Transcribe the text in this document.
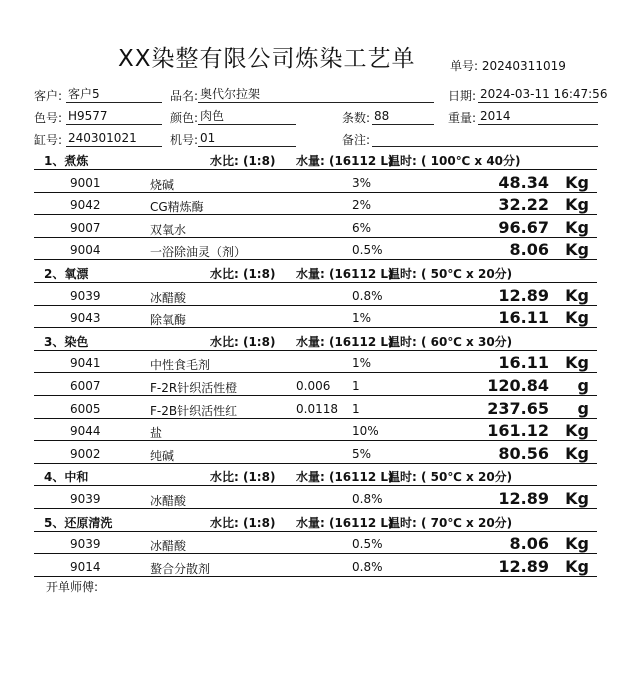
XX染整有限公司炼染工艺单	单号: 20240311019
客户: 客户5	品名: 奥代尔拉架	日期: 2024-03-11 16:47:56
色号: H9577	颜色: 肉色	条数: 88	重量: 2014
缸号: 240301021	机号: 01	备注:
1、煮炼	水比: (1:8) 水量: (16112 L)
温时: ( 100℃ x 40分)
9001	烧碱	3%	48.34 Kg
9042	CG精炼酶	2%	32.22 Kg
9007	双氧水	6%	96.67 Kg
9004	一浴除油灵（剂）	0.5%	8.06 Kg
2、氧漂	水比: (1:8) 水量: (16112 L)
温时: ( 50℃ x 20分)
9039	冰醋酸	0.8%	12.89 Kg
9043	除氧酶	1%	16.11 Kg
3、染色	水比: (1:8) 水量: (16112 L)
温时: ( 60℃ x 30分)
9041	中性食毛剂	1%	16.11 Kg
6007	F-2R针织活性橙	0.006 1	120.84 g
6005	F-2B针织活性红	0.0118 1	237.65 g
9044	盐	10%	161.12 Kg
9002	纯碱	5%	80.56 Kg
4、中和	水比: (1:8) 水量: (16112 L)
温时: ( 50℃ x 20分)
9039	冰醋酸	0.8%	12.89 Kg
5、还原清洗	水比: (1:8) 水量: (16112 L)
温时: ( 70℃ x 20分)
9039	冰醋酸	0.5%	8.06 Kg
9014	螯合分散剂	0.8%	12.89 Kg
开单师傅:
